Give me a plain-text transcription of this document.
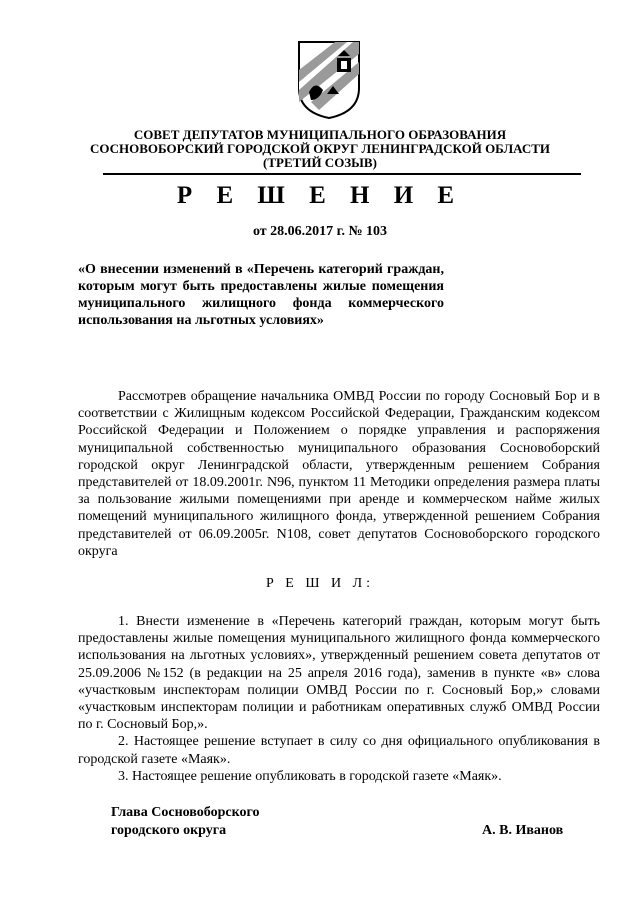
СОВЕТ ДЕПУТАТОВ МУНИЦИПАЛЬНОГО ОБРАЗОВАНИЯ
СОСНОВОБОРСКИЙ ГОРОДСКОЙ ОКРУГ ЛЕНИНГРАДСКОЙ ОБЛАСТИ
(ТРЕТИЙ СОЗЫВ)
Р Е Ш Е Н И Е
от 28.06.2017 г. № 103

«О внесении изменений в «Перечень категорий граждан, которым могут быть предоставлены жилые помещения муниципального жилищного фонда коммерческого использования на льготных условиях»

Рассмотрев обращение начальника ОМВД России по городу Сосновый Бор и в соответствии с Жилищным кодексом Российской Федерации, Гражданским кодексом Российской Федерации и Положением о порядке управления и распоряжения муниципальной собственностью муниципального образования Сосновоборский городской округ Ленинградской области, утвержденным решением Собрания представителей от 18.09.2001г. N96, пунктом 11 Методики определения размера платы за пользование жилыми помещениями при аренде и коммерческом найме жилых помещений муниципального жилищного фонда, утвержденной решением Собрания представителей от 06.09.2005г. N108, совет депутатов Сосновоборского городского округа

Р Е Ш И Л:

1. Внести изменение в «Перечень категорий граждан, которым могут быть предоставлены жилые помещения муниципального жилищного фонда коммерческого использования на льготных условиях», утвержденный решением совета депутатов от 25.09.2006 №152 (в редакции на 25 апреля 2016 года), заменив в пункте «в» слова «участковым инспекторам полиции ОМВД России по г. Сосновый Бор,» словами «участковым инспекторам полиции и работникам оперативных служб ОМВД России по г. Сосновый Бор,».

2. Настоящее решение вступает в силу со дня официального опубликования в городской газете «Маяк».

3. Настоящее решение опубликовать в городской газете «Маяк».

Глава Сосновоборского
городского округа	А. В. Иванов
